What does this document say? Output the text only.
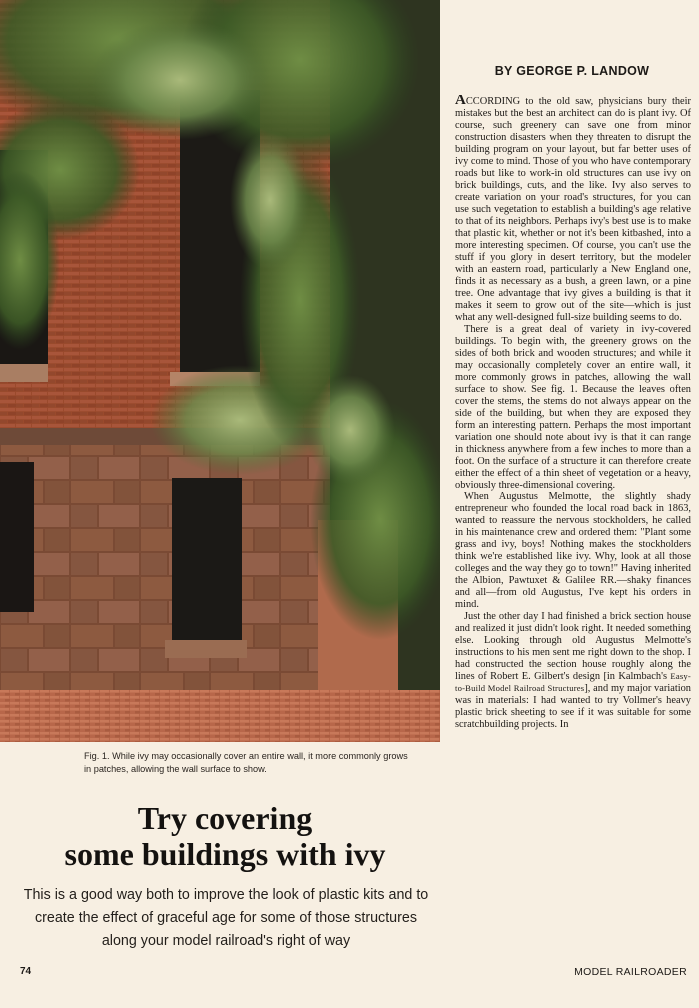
Fig. 1. While ivy may occasionally cover an entire wall, it more commonly grows in patches, allowing the wall surface to show.
Try covering
some buildings with ivy
This is a good way both to improve the look of plastic kits and to create the effect of graceful age for some of those structures along your model railroad's right of way
BY GEORGE P. LANDOW

ACCORDING to the old saw, physicians bury their mistakes but the best an architect can do is plant ivy. Of course, such greenery can save one from minor construction disasters when they threaten to disrupt the building program on your layout, but far better uses of ivy come to mind. Those of you who have contemporary roads but like to work-in old structures can use ivy on brick buildings, cuts, and the like. Ivy also serves to create variation on your road's structures, for you can use such vegetation to establish a building's age relative to that of its neighbors. Perhaps ivy's best use is to make that plastic kit, whether or not it's been kitbashed, into a more interesting specimen. Of course, you can't use the stuff if you glory in desert territory, but the modeler with an eastern road, particularly a New England one, finds it as necessary as a bush, a green lawn, or a pine tree. One advantage that ivy gives a building is that it makes it seem to grow out of the site—which is just what any well-designed full-size building seems to do.

There is a great deal of variety in ivy-covered buildings. To begin with, the greenery grows on the sides of both brick and wooden structures; and while it may occasionally completely cover an entire wall, it more commonly grows in patches, allowing the wall surface to show. See fig. 1. Because the leaves often cover the stems, the stems do not always appear on the side of the building, but when they are exposed they form an interesting pattern. Perhaps the most important variation one should note about ivy is that it can range in thickness anywhere from a few inches to more than a foot. On the surface of a structure it can therefore create either the effect of a thin sheet of vegetation or a heavy, obviously three-dimensional covering.

When Augustus Melmotte, the slightly shady entrepreneur who founded the local road back in 1863, wanted to reassure the nervous stockholders, he called in his maintenance crew and ordered them: "Plant some grass and ivy, boys! Nothing makes the stockholders think we're established like ivy. Why, look at all those colleges and the way they go to town!" Having inherited the Albion, Pawtuxet & Galilee RR.—shaky finances and all—from old Augustus, I've kept his orders in mind.

Just the other day I had finished a brick section house and realized it just didn't look right. It needed something else. Looking through old Augustus Melmotte's instructions to his men sent me right down to the shop. I had constructed the section house roughly along the lines of Robert E. Gilbert's design [in Kalmbach's Easy-to-Build Model Railroad Structures], and my major variation was in materials: I had wanted to try Vollmer's heavy plastic brick sheeting to see if it was suitable for some scratchbuilding projects. In

74	MODEL RAILROADER
